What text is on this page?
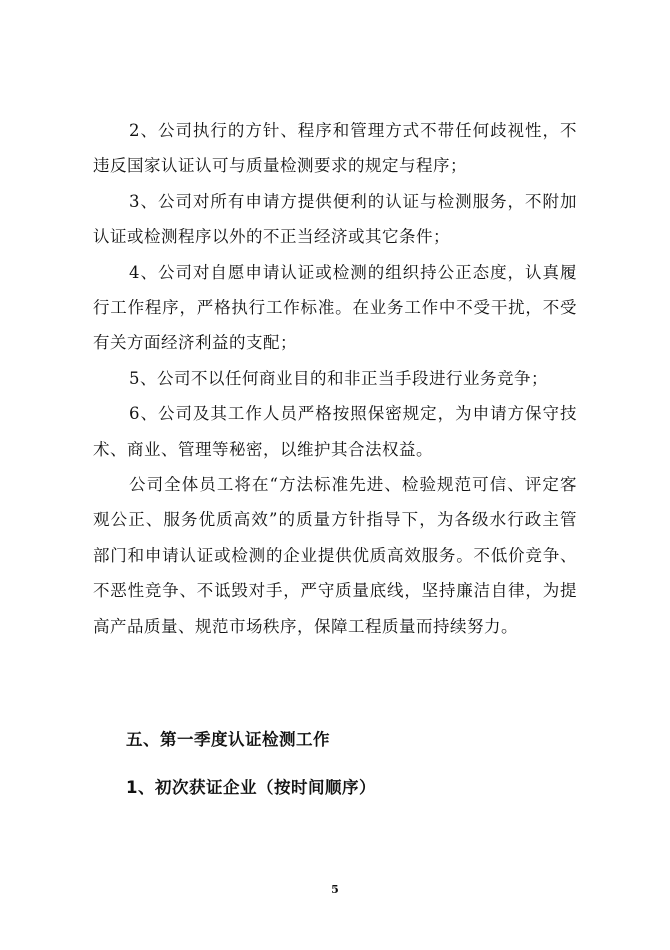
2、公司执行的方针、程序和管理方式不带任何歧视性，不违反国家认证认可与质量检测要求的规定与程序；

3、公司对所有申请方提供便利的认证与检测服务，不附加认证或检测程序以外的不正当经济或其它条件；

4、公司对自愿申请认证或检测的组织持公正态度，认真履行工作程序，严格执行工作标准。在业务工作中不受干扰，不受有关方面经济利益的支配；

5、公司不以任何商业目的和非正当手段进行业务竞争；

6、公司及其工作人员严格按照保密规定，为申请方保守技术、商业、管理等秘密，以维护其合法权益。

公司全体员工将在“方法标准先进、检验规范可信、评定客观公正、服务优质高效”的质量方针指导下，为各级水行政主管部门和申请认证或检测的企业提供优质高效服务。不低价竞争、不恶性竞争、不诋毁对手，严守质量底线，坚持廉洁自律，为提高产品质量、规范市场秩序，保障工程质量而持续努力。

五、第一季度认证检测工作
1、初次获证企业（按时间顺序）
5
